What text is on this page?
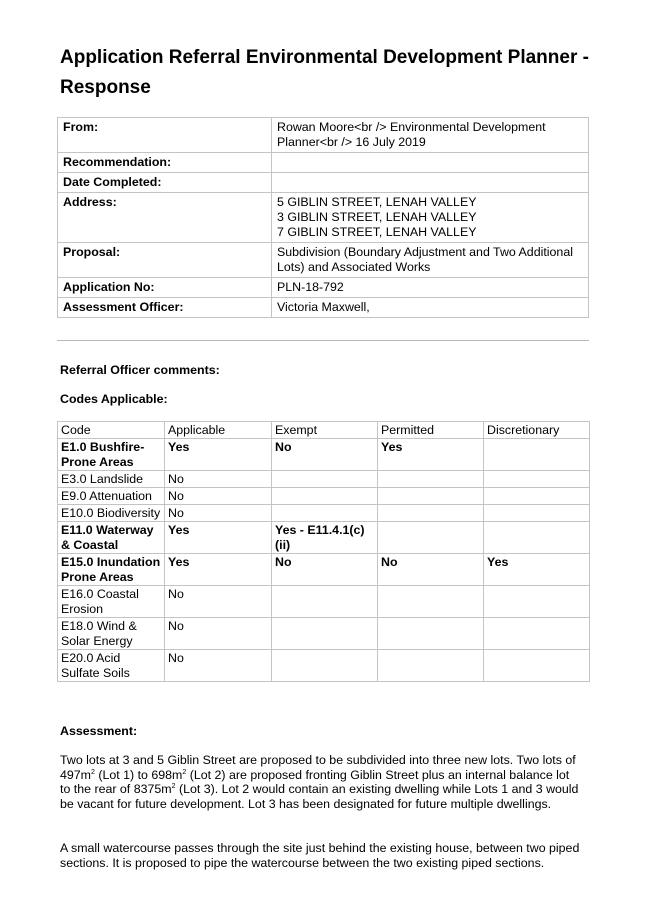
Application Referral Environmental Development Planner - Response
From:	Rowan Moore<br /> Environmental Development Planner<br /> 16 July 2019
Recommendation:	
Date Completed:	
Address:	5 GIBLIN STREET, LENAH VALLEY
3 GIBLIN STREET, LENAH VALLEY
7 GIBLIN STREET, LENAH VALLEY
Proposal:	Subdivision (Boundary Adjustment and Two Additional Lots) and Associated Works
Application No:	PLN-18-792
Assessment Officer:	Victoria Maxwell,

Referral Officer comments:

Codes Applicable:

Code	Applicable	Exempt	Permitted	Discretionary
E1.0 Bushfire-Prone Areas	Yes	No	Yes	
E3.0 Landslide	No			
E9.0 Attenuation	No			
E10.0 Biodiversity	No			
E11.0 Waterway & Coastal	Yes	Yes - E11.4.1(c) (ii)		
E15.0 Inundation Prone Areas	Yes	No	No	Yes
E16.0 Coastal Erosion	No			
E18.0 Wind & Solar Energy	No			
E20.0 Acid Sulfate Soils	No			

Assessment:

Two lots at 3 and 5 Giblin Street are proposed to be subdivided into three new lots. Two lots of $497m^2$ (Lot 1) to $698m^2$ (Lot 2) are proposed fronting Giblin Street plus an internal balance lot to the rear of $8375m^2$ (Lot 3). Lot 2 would contain an existing dwelling while Lots 1 and 3 would be vacant for future development. Lot 3 has been designated for future multiple dwellings.

A small watercourse passes through the site just behind the existing house, between two piped sections. It is proposed to pipe the watercourse between the two existing piped sections.
